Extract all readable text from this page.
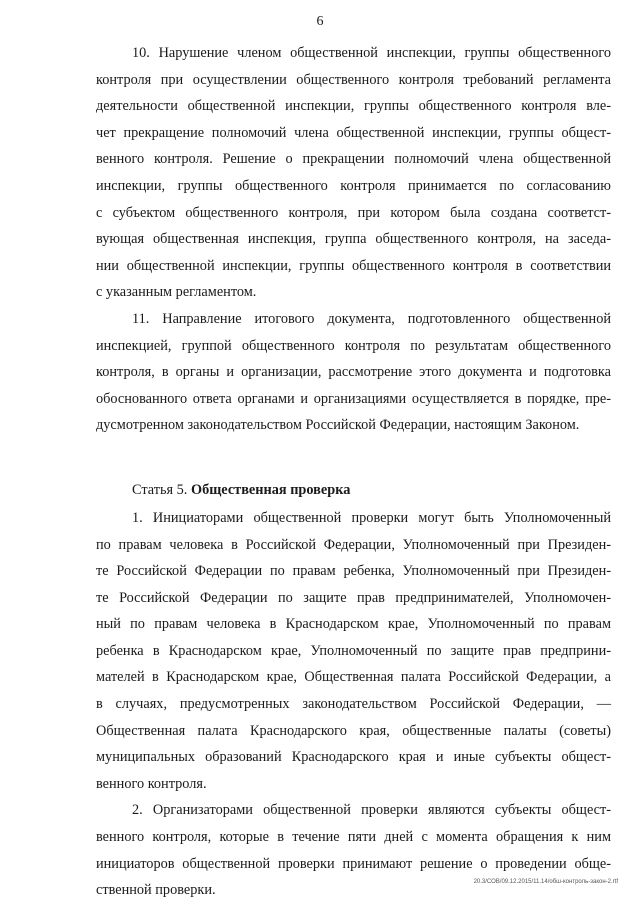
6
10. Нарушение членом общественной инспекции, группы общественного
контроля при осуществлении общественного контроля требований регламента
деятельности общественной инспекции, группы общественного контроля вле-
чет прекращение полномочий члена общественной инспекции, группы общест-
венного контроля. Решение о прекращении полномочий члена общественной
инспекции, группы общественного контроля принимается по согласованию
с субъектом общественного контроля, при котором была создана соответст-
вующая общественная инспекция, группа общественного контроля, на заседа-
нии общественной инспекции, группы общественного контроля в соответствии
с указанным регламентом.
11. Направление итогового документа, подготовленного общественной
инспекцией, группой общественного контроля по результатам общественного
контроля, в органы и организации, рассмотрение этого документа и подготовка
обоснованного ответа органами и организациями осуществляется в порядке, пре-
дусмотренном законодательством Российской Федерации, настоящим Законом.
Статья 5. Общественная проверка
1. Инициаторами общественной проверки могут быть Уполномоченный
по правам человека в Российской Федерации, Уполномоченный при Президен-
те Российской Федерации по правам ребенка, Уполномоченный при Президен-
те Российской Федерации по защите прав предпринимателей, Уполномочен-
ный по правам человека в Краснодарском крае, Уполномоченный по правам
ребенка в Краснодарском крае, Уполномоченный по защите прав предприни-
мателей в Краснодарском крае, Общественная палата Российской Федерации, а
в случаях, предусмотренных законодательством Российской Федерации, —
Общественная палата Краснодарского края, общественные палаты (советы)
муниципальных образований Краснодарского края и иные субъекты общест-
венного контроля.
2. Организаторами общественной проверки являются субъекты общест-
венного контроля, которые в течение пяти дней с момента обращения к ним
инициаторов общественной проверки принимают решение о проведении обще-
ственной проверки.
20.3/СОВ/09.12.2015/11.14/обш-контроль-закон-2.rtf
